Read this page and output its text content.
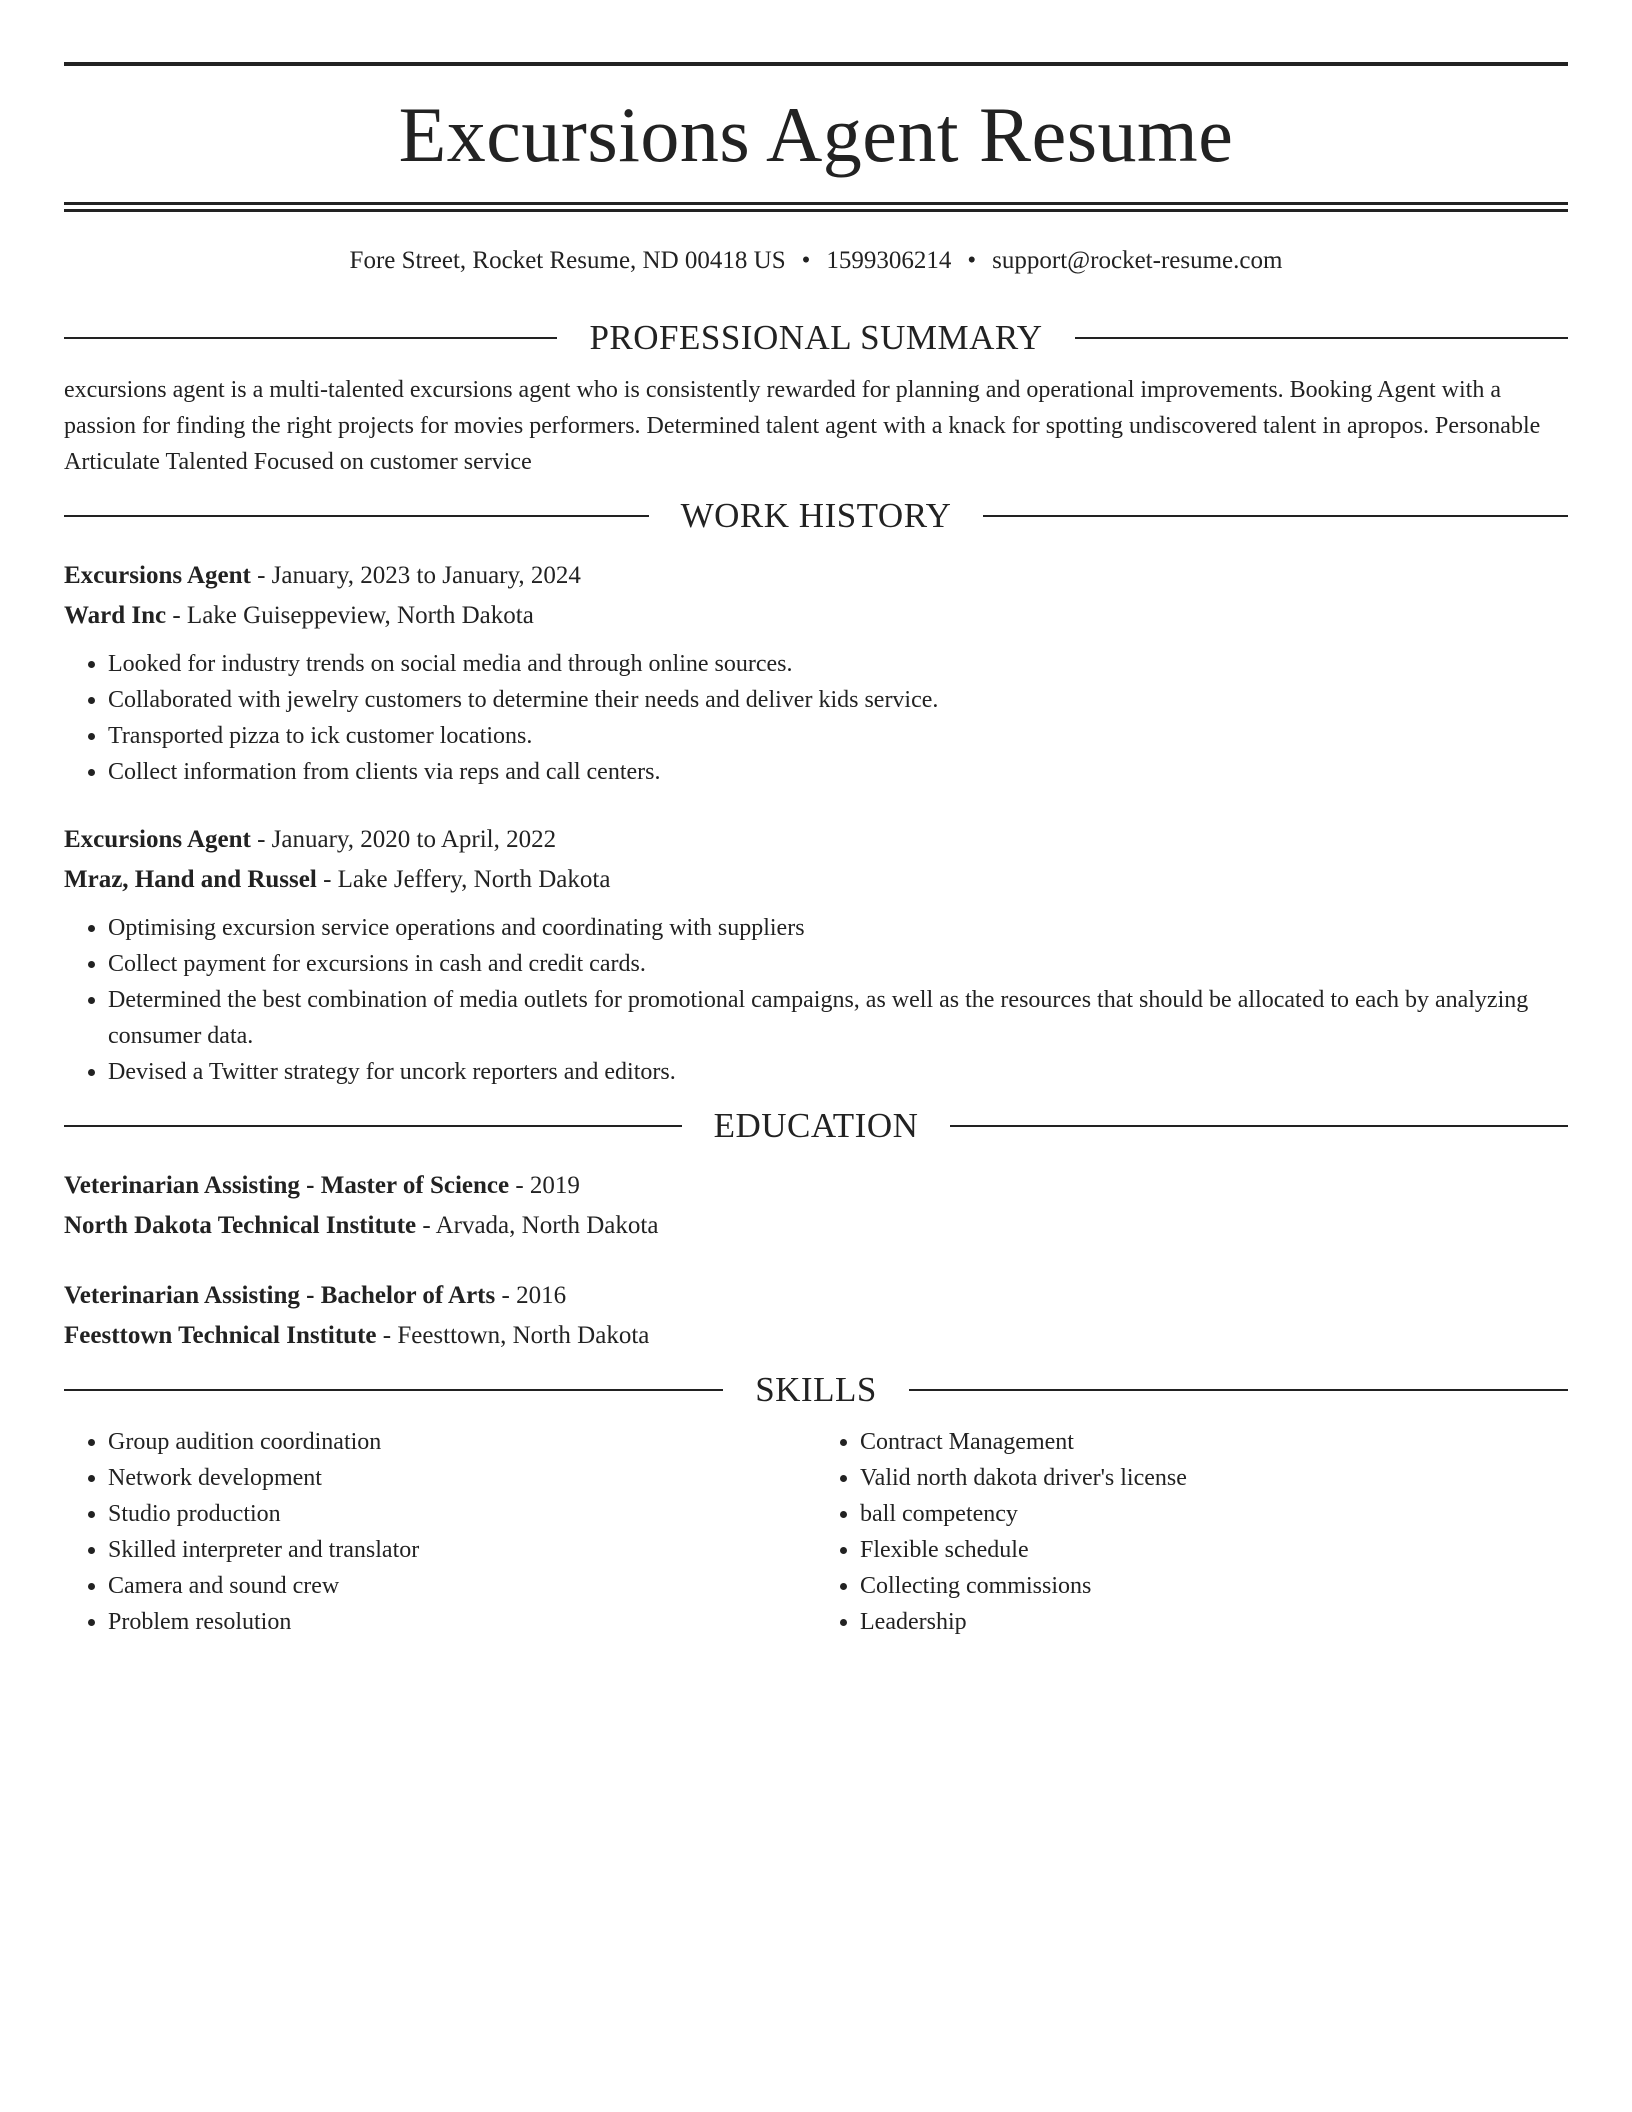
Excursions Agent Resume
Fore Street, Rocket Resume, ND 00418 US • 1599306214 • support@rocket-resume.com
PROFESSIONAL SUMMARY
excursions agent is a multi-talented excursions agent who is consistently rewarded for planning and operational improvements. Booking Agent with a passion for finding the right projects for movies performers. Determined talent agent with a knack for spotting undiscovered talent in apropos. Personable Articulate Talented Focused on customer service
WORK HISTORY
Excursions Agent - January, 2023 to January, 2024
Ward Inc - Lake Guiseppeview, North Dakota
• Looked for industry trends on social media and through online sources.
• Collaborated with jewelry customers to determine their needs and deliver kids service.
• Transported pizza to ick customer locations.
• Collect information from clients via reps and call centers.
Excursions Agent - January, 2020 to April, 2022
Mraz, Hand and Russel - Lake Jeffery, North Dakota
• Optimising excursion service operations and coordinating with suppliers
• Collect payment for excursions in cash and credit cards.
• Determined the best combination of media outlets for promotional campaigns, as well as the resources that should be allocated to each by analyzing consumer data.
• Devised a Twitter strategy for uncork reporters and editors.
EDUCATION
Veterinarian Assisting - Master of Science - 2019
North Dakota Technical Institute - Arvada, North Dakota
Veterinarian Assisting - Bachelor of Arts - 2016
Feesttown Technical Institute - Feesttown, North Dakota
SKILLS
• Group audition coordination
• Network development
• Studio production
• Skilled interpreter and translator
• Camera and sound crew
• Problem resolution
• Contract Management
• Valid north dakota driver's license
• ball competency
• Flexible schedule
• Collecting commissions
• Leadership
